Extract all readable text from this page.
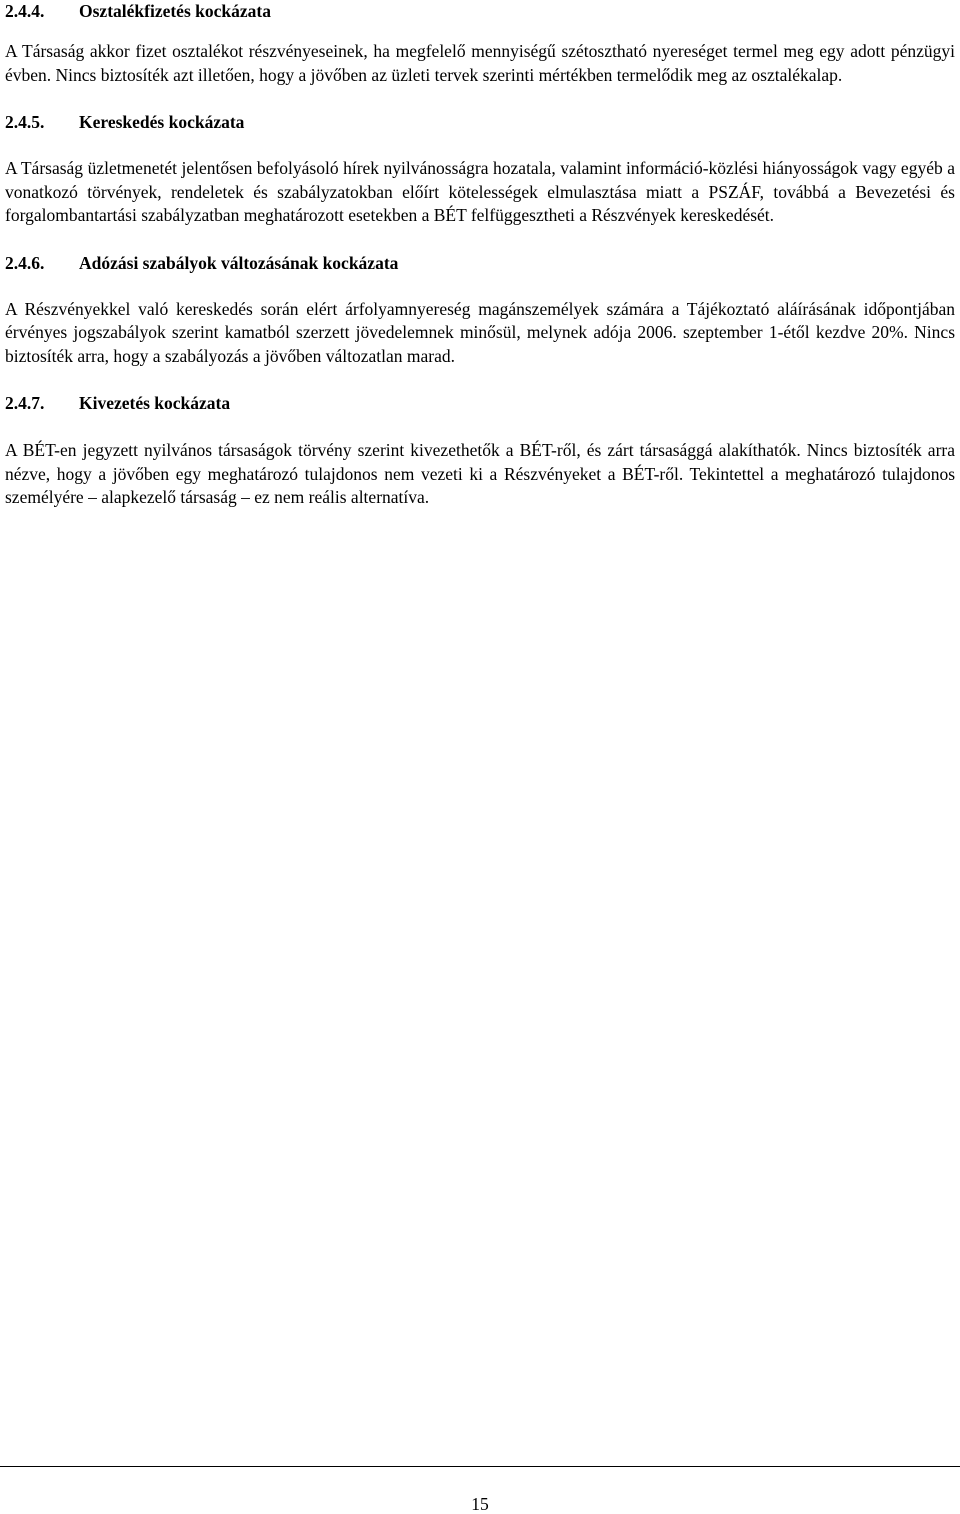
2.4.4. Osztalékfizetés kockázata

A Társaság akkor fizet osztalékot részvényeseinek, ha megfelelő mennyiségű szétosztható nyereséget termel meg egy adott pénzügyi évben. Nincs biztosíték azt illetően, hogy a jövőben az üzleti tervek szerinti mértékben termelődik meg az osztalékalap.

2.4.5. Kereskedés kockázata

A Társaság üzletmenetét jelentősen befolyásoló hírek nyilvánosságra hozatala, valamint információ-közlési hiányosságok vagy egyéb a vonatkozó törvények, rendeletek és szabályzatokban előírt kötelességek elmulasztása miatt a PSZÁF, továbbá a Bevezetési és forgalombantartási szabályzatban meghatározott esetekben a BÉT felfüggesztheti a Részvények kereskedését.

2.4.6. Adózási szabályok változásának kockázata

A Részvényekkel való kereskedés során elért árfolyamnyereség magánszemélyek számára a Tájékoztató aláírásának időpontjában érvényes jogszabályok szerint kamatból szerzett jövedelemnek minősül, melynek adója 2006. szeptember 1-étől kezdve 20%. Nincs biztosíték arra, hogy a szabályozás a jövőben változatlan marad.

2.4.7. Kivezetés kockázata

A BÉT-en jegyzett nyilvános társaságok törvény szerint kivezethetők a BÉT-ről, és zárt társasággá alakíthatók. Nincs biztosíték arra nézve, hogy a jövőben egy meghatározó tulajdonos nem vezeti ki a Részvényeket a BÉT-ről. Tekintettel a meghatározó tulajdonos személyére – alapkezelő társaság – ez nem reális alternatíva.

15
